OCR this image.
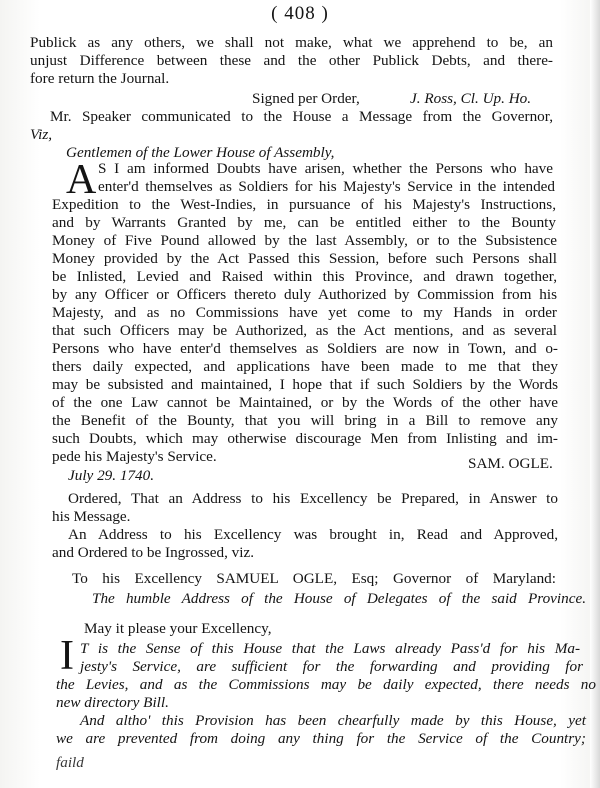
( 408 )
Publick as any others, we shall not make, what we apprehend to be, an
unjust Difference between these and the other Publick Debts, and there-
fore return the Journal.
Signed per Order,	J. Ross, Cl. Up. Ho.
Mr. Speaker communicated to the House a Message from the Governor,
Viz,
Gentlemen of the Lower House of Assembly,
A S I am informed Doubts have arisen, whether the Persons who have
enter'd themselves as Soldiers for his Majesty's Service in the intended
Expedition to the West-Indies, in pursuance of his Majesty's Instructions,
and by Warrants Granted by me, can be entitled either to the Bounty
Money of Five Pound allowed by the last Assembly, or to the Subsistence
Money provided by the Act Passed this Session, before such Persons shall
be Inlisted, Levied and Raised within this Province, and drawn together,
by any Officer or Officers thereto duly Authorized by Commission from his
Majesty, and as no Commissions have yet come to my Hands in order
that such Officers may be Authorized, as the Act mentions, and as several
Persons who have enter'd themselves as Soldiers are now in Town, and o-
thers daily expected, and applications have been made to me that they
may be subsisted and maintained, I hope that if such Soldiers by the Words
of the one Law cannot be Maintained, or by the Words of the other have
the Benefit of the Bounty, that you will bring in a Bill to remove any
such Doubts, which may otherwise discourage Men from Inlisting and im-
pede his Majesty's Service.
July 29. 1740.
SAM. OGLE.
Ordered, That an Address to his Excellency be Prepared, in Answer to
his Message.
An Address to his Excellency was brought in, Read and Approved,
and Ordered to be Ingrossed, viz.
To his Excellency SAMUEL OGLE, Esq; Governor of Maryland:
The humble Address of the House of Delegates of the said Province.
May it please your Excellency,
I T is the Sense of this House that the Laws already Pass'd for his Ma-
jesty's Service, are sufficient for the forwarding and providing for
the Levies, and as the Commissions may be daily expected, there needs no
new directory Bill.
And altho' this Provision has been chearfully made by this House, yet
we are prevented from doing any thing for the Service of the Country;
faild
